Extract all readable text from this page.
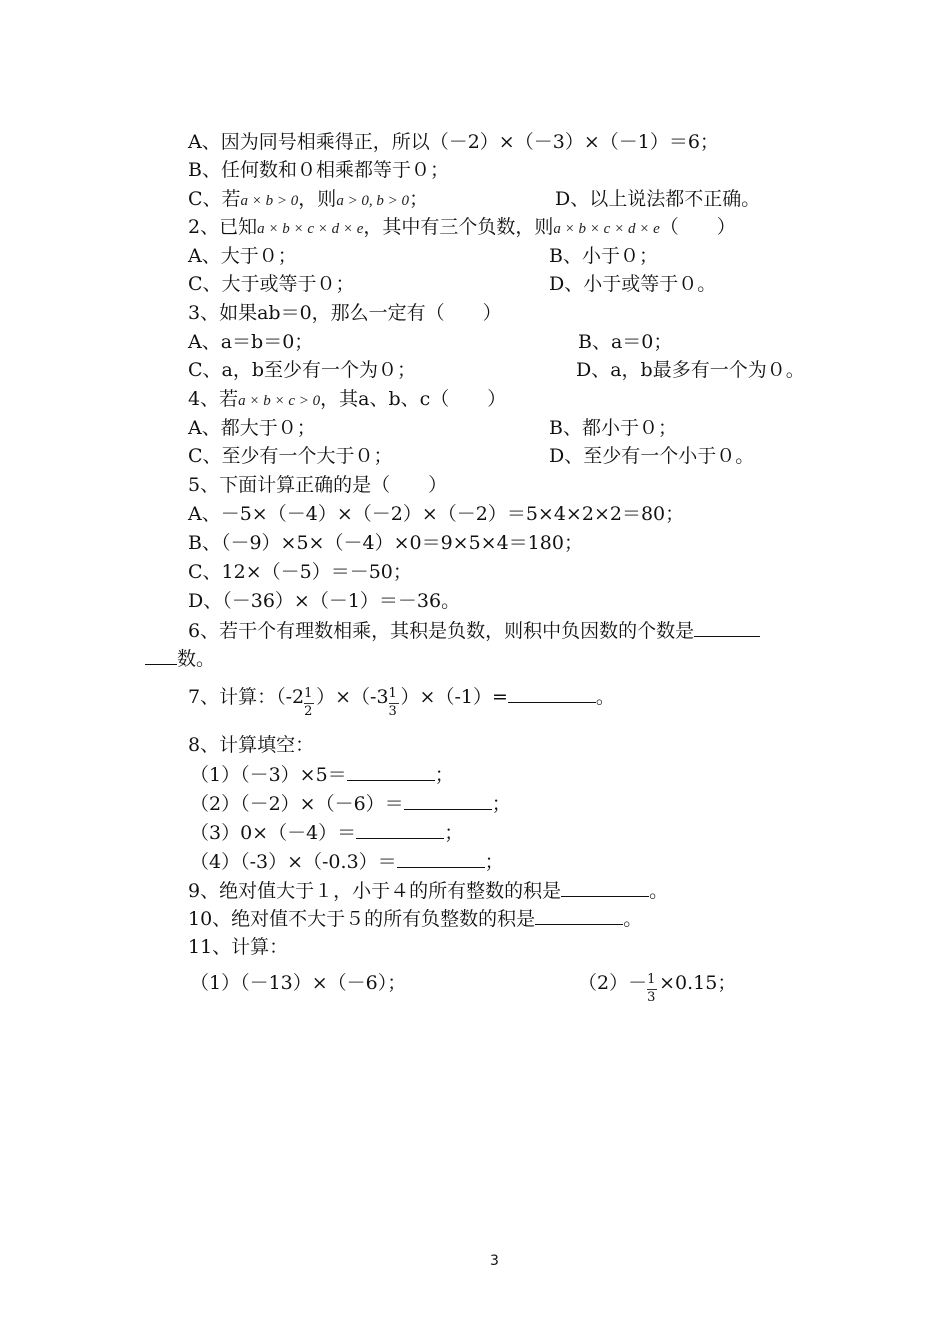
A、因为同号相乘得正，所以（－2）×（－3）×（－1）＝6；
B、任何数和０相乘都等于０；
C、若a × b > 0，则a > 0, b > 0；	D、以上说法都不正确。
2、已知a × b × c × d × e，其中有三个负数，则a × b × c × d × e（　　）
A、大于０；	B、小于０；
C、大于或等于０；	D、小于或等于０。
3、如果ab＝0，那么一定有（　　）
A、a＝b＝0；	B、a＝0；
C、a，b至少有一个为０；	D、a，b最多有一个为０。
4、若a × b × c > 0，其a、b、c（　　）
A、都大于０；	B、都小于０；
C、至少有一个大于０；	D、至少有一个小于０。
5、下面计算正确的是（　　）
A、－5×（－4）×（－2）×（－2）＝5×4×2×2＝80；
B、（－9）×5×（－4）×0＝9×5×4＝180；
C、12×（－5）＝－50；
D、（－36）×（－1）＝－36。
6、若干个有理数相乘，其积是负数，则积中负因数的个数是
数。
7、计算：（-2
$\frac{1}{2}$
）×（-3
$\frac{1}{3}$
）×（-1）=	。
8、计算填空：
（1）（－3）×5＝	；
（2）（－2）×（－6）＝	；
（3）0×（－4）＝	；
（4）（-3）×（-0.3）＝	；
9、绝对值大于１，小于４的所有整数的积是	。
10、绝对值不大于５的所有负整数的积是	。
11、计算：
（1）（－13）×（－6）；	（2）－
$\frac{1}{3}$
×0.15；
3
